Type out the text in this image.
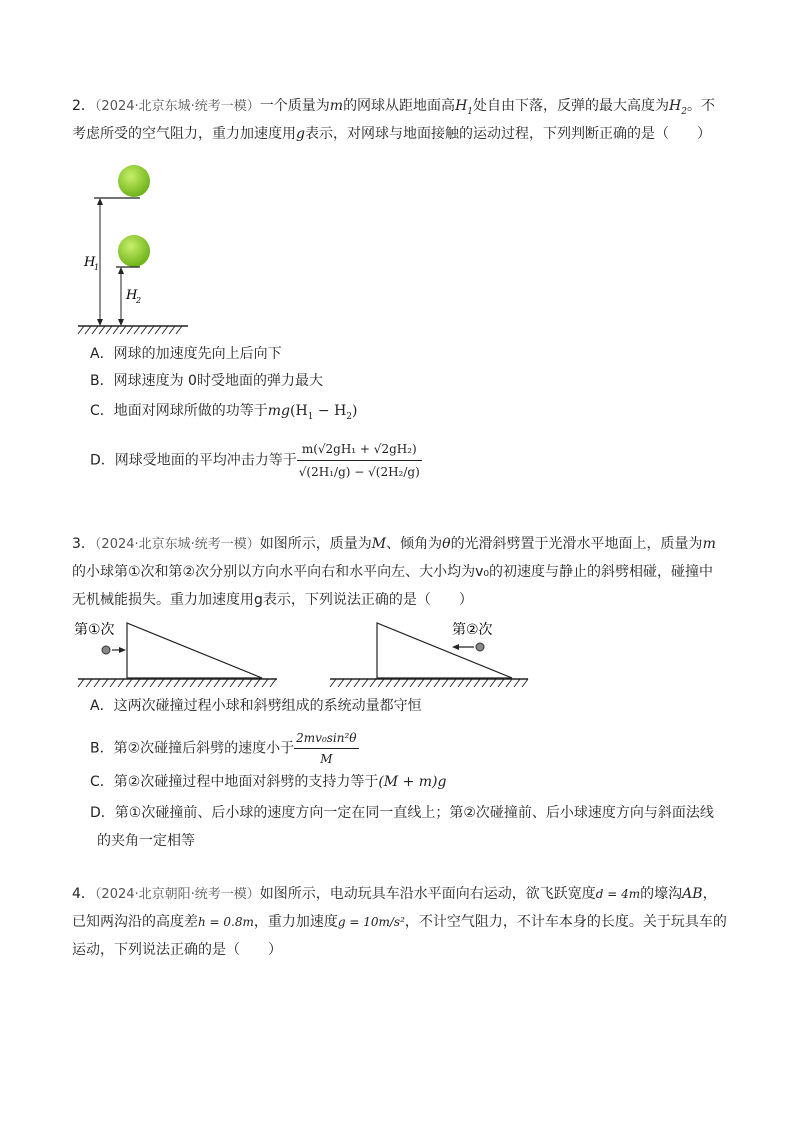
2．（2024·北京东城·统考一模）一个质量为m的网球从距地面高$H_1$处自由下落，反弹的最大高度为$H_2$。不
考虑所受的空气阻力，重力加速度用g表示，对网球与地面接触的运动过程，下列判断正确的是（　　）
H
1
H
2
A．网球的加速度先向上后向下
B．网球速度为 0时受地面的弹力最大
C．地面对网球所做的功等于$mg(H_1 - H_2)$
D．网球受地面的平均冲击力等于 $\frac{\text{m(√2gH₁ + √2gH₂)}}{\text{√(2H₁/g) − √(2H₂/g)}}$
3．（2024·北京东城·统考一模）如图所示，质量为M、倾角为θ的光滑斜劈置于光滑水平地面上，质量为m
的小球第①次和第②次分别以方向水平向右和水平向左、大小均为v₀的初速度与静止的斜劈相碰，碰撞中
无机械能损失。重力加速度用g表示，下列说法正确的是（　　）
第①次	第②次
A．这两次碰撞过程小球和斜劈组成的系统动量都守恒
B．第②次碰撞后斜劈的速度小于 $\frac{\text{2mv₀sin²θ}}{M}$
C．第②次碰撞过程中地面对斜劈的支持力等于(M + m)g
D．第①次碰撞前、后小球的速度方向一定在同一直线上；第②次碰撞前、后小球速度方向与斜面法线
的夹角一定相等
4．（2024·北京朝阳·统考一模）如图所示，电动玩具车沿水平面向右运动，欲飞跃宽度d = 4m的壕沟AB，
已知两沟沿的高度差h = 0.8m，重力加速度g = 10m/s²，不计空气阻力，不计车本身的长度。关于玩具车的
运动，下列说法正确的是（　　）
